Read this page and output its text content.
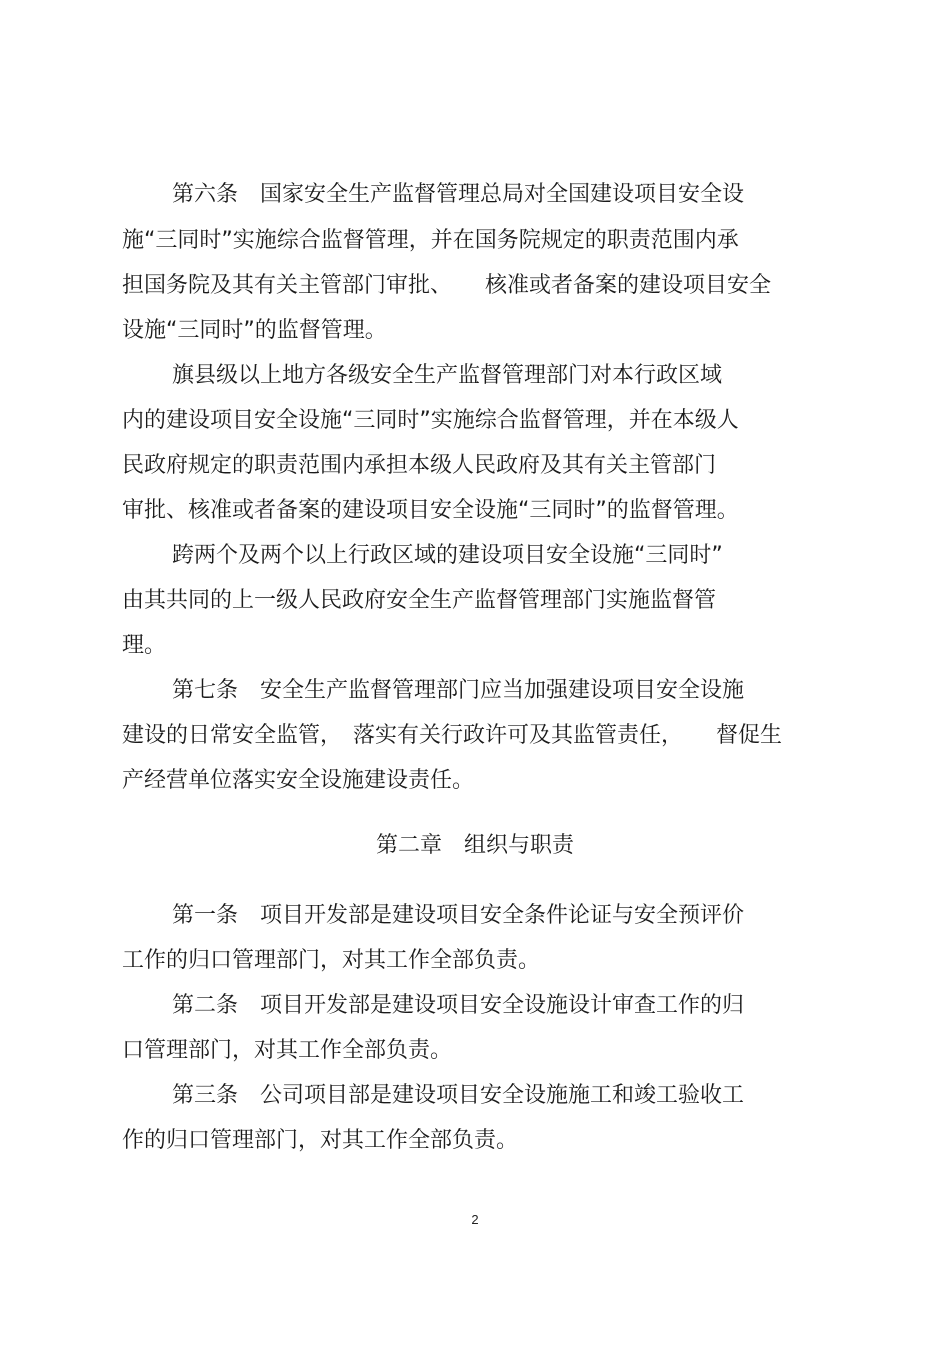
第六条　国家安全生产监督管理总局对全国建设项目安全设
施“三同时”实施综合监督管理，并在国务院规定的职责范围内承
担国务院及其有关主管部门审批、　　核准或者备案的建设项目安全
设施“三同时”的监督管理。
旗县级以上地方各级安全生产监督管理部门对本行政区域
内的建设项目安全设施“三同时”实施综合监督管理，并在本级人
民政府规定的职责范围内承担本级人民政府及其有关主管部门
审批、核准或者备案的建设项目安全设施“三同时”的监督管理。
跨两个及两个以上行政区域的建设项目安全设施“三同时”
由其共同的上一级人民政府安全生产监督管理部门实施监督管
理。
第七条　安全生产监督管理部门应当加强建设项目安全设施
建设的日常安全监管，　落实有关行政许可及其监管责任，　　督促生
产经营单位落实安全设施建设责任。
第二章　组织与职责
第一条　项目开发部是建设项目安全条件论证与安全预评价
工作的归口管理部门，对其工作全部负责。
第二条　项目开发部是建设项目安全设施设计审查工作的归
口管理部门，对其工作全部负责。
第三条　公司项目部是建设项目安全设施施工和竣工验收工
作的归口管理部门，对其工作全部负责。
2
